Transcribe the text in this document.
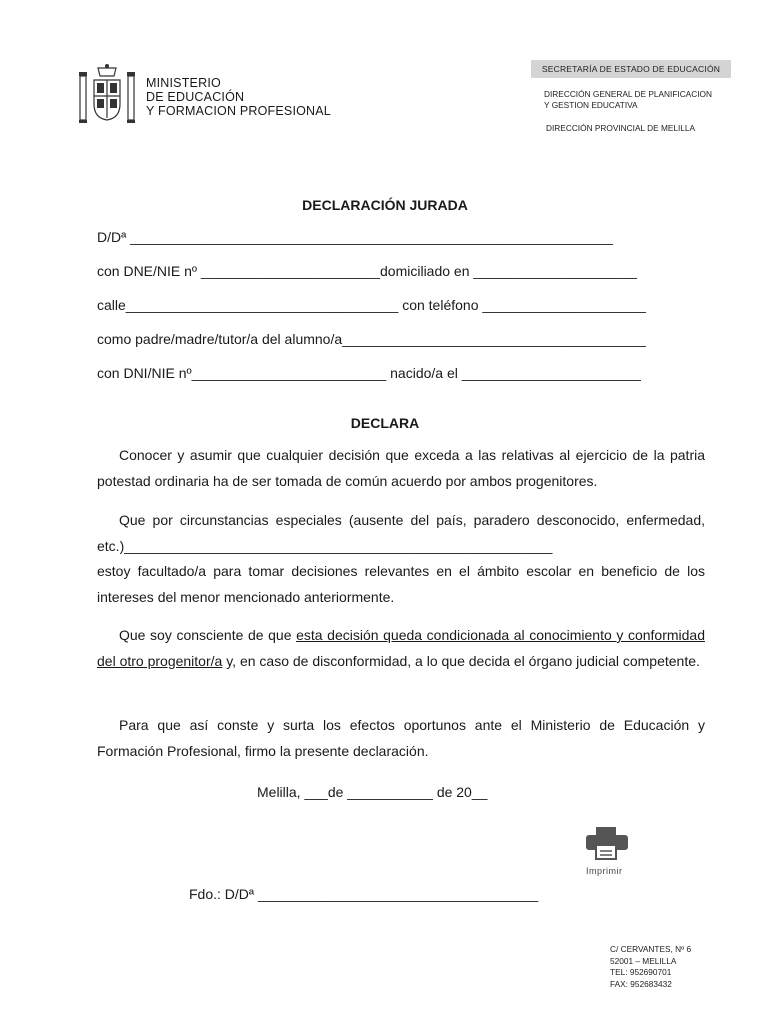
MINISTERIO
DE EDUCACIÓN
Y FORMACION PROFESIONAL
SECRETARÍA DE ESTADO DE EDUCACIÓN
DIRECCIÓN GENERAL DE PLANIFICACION
Y GESTION EDUCATIVA
DIRECCIÓN PROVINCIAL DE MELILLA
DECLARACIÓN JURADA
D/Dª ______________________________________________________________
con DNE/NIE nº _______________________domiciliado en _____________________
calle___________________________________ con teléfono _____________________
como padre/madre/tutor/a del alumno/a_______________________________________
con DNI/NIE nº_________________________ nacido/a el _______________________
DECLARA
Conocer y asumir que cualquier decisión que exceda a las relativas al ejercicio de la patria potestad ordinaria ha de ser tomada de común acuerdo por ambos progenitores.
Que por circunstancias especiales (ausente del país, paradero desconocido, enfermedad, etc.)_______________________________________________________
estoy facultado/a para tomar decisiones relevantes en el ámbito escolar en beneficio de los intereses del menor mencionado anteriormente.
Que soy consciente de que esta decisión queda condicionada al conocimiento y conformidad del otro progenitor/a y, en caso de disconformidad, a lo que decida el órgano judicial competente.
Para que así conste y surta los efectos oportunos ante el Ministerio de Educación y Formación Profesional, firmo la presente declaración.
Melilla, ___de ___________ de 20__
Imprimir
Fdo.: D/Dª ____________________________________
C/ CERVANTES, Nº 6
52001 – MELILLA
TEL: 952690701
FAX: 952683432
